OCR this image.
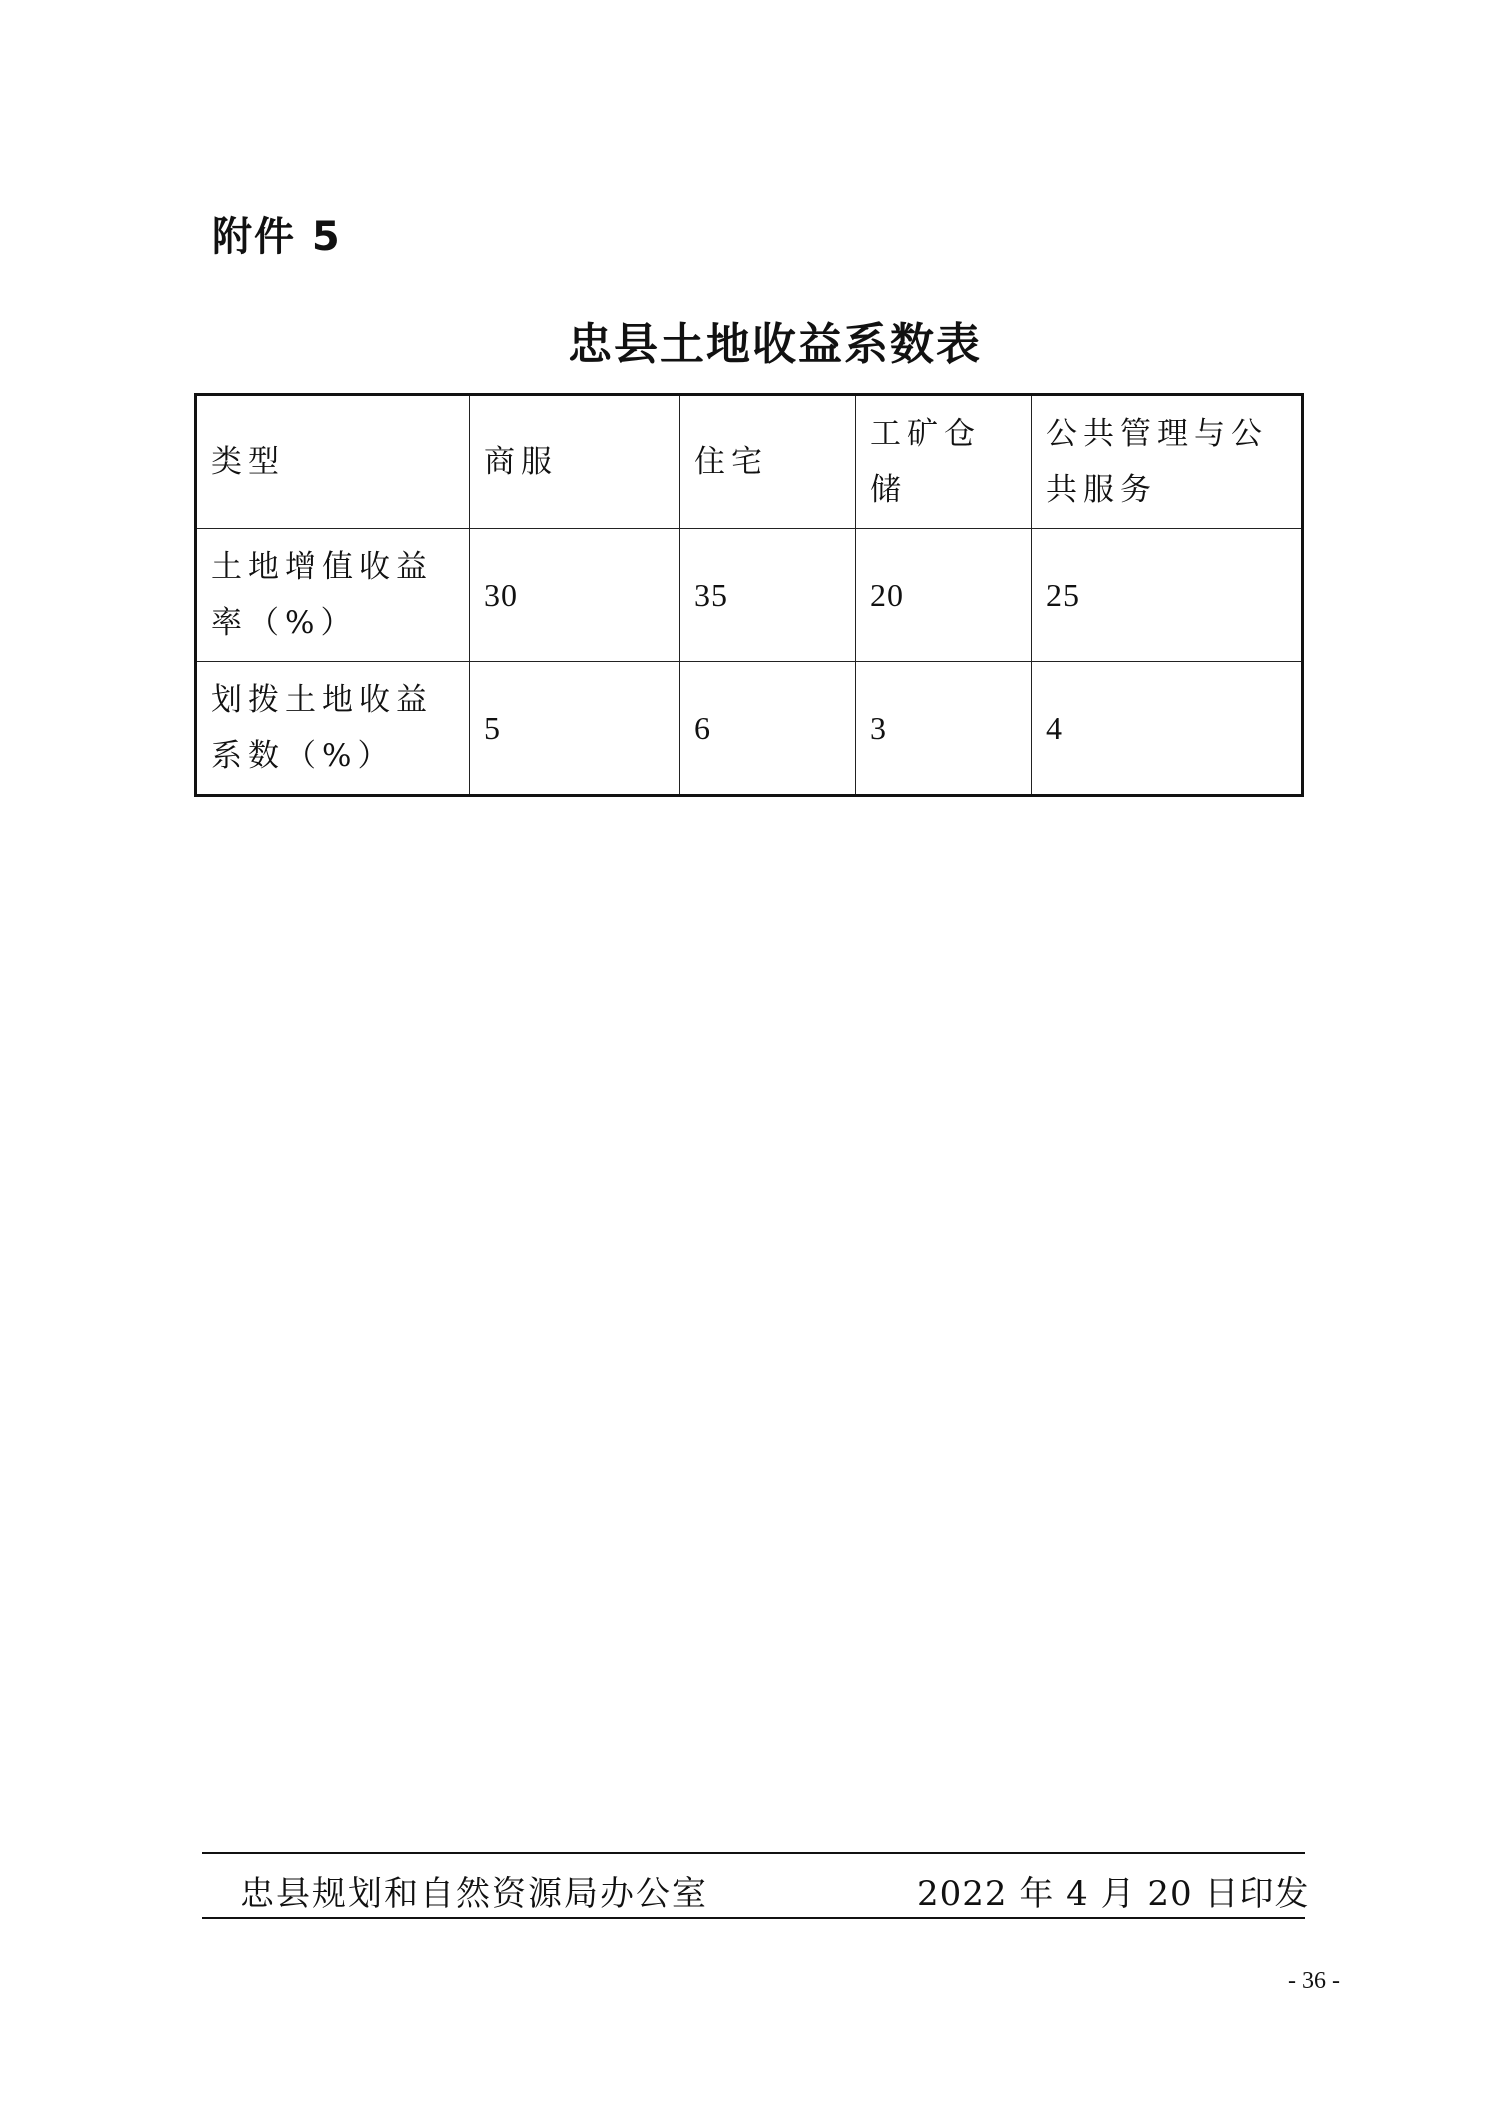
附件 5
忠县土地收益系数表
类型	商服	住宅	工矿仓储	公共管理与公共服务
土地增值收益率（%）	30	35	20	25
划拨土地收益系数（%）	5	6	3	4
忠县规划和自然资源局办公室	2022 年 4 月 20 日印发
- 36 -
